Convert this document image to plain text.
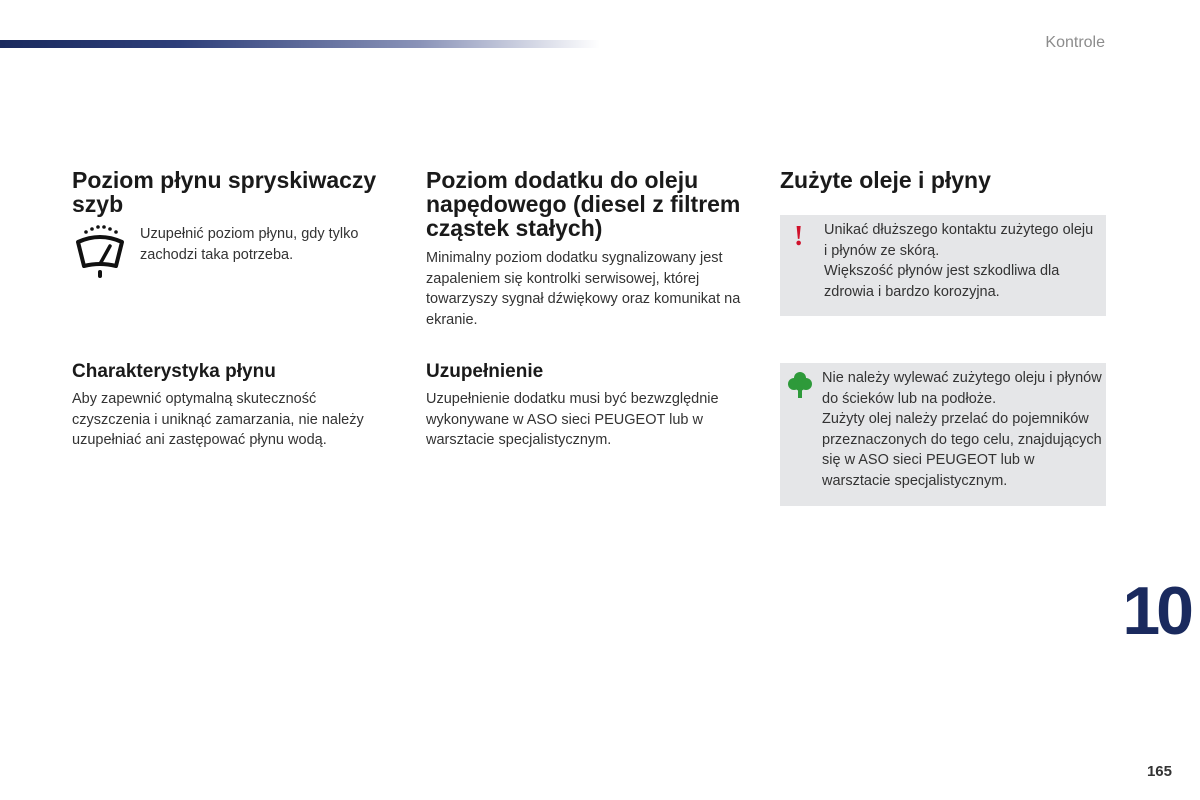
Kontrole
Poziom płynu spryskiwaczy szyb

Uzupełnić poziom płynu, gdy tylko zachodzi taka potrzeba.

Charakterystyka płynu

Aby zapewnić optymalną skuteczność czyszczenia i uniknąć zamarzania, nie należy uzupełniać ani zastępować płynu wodą.

Poziom dodatku do oleju napędowego (diesel z filtrem cząstek stałych)

Minimalny poziom dodatku sygnalizowany jest zapaleniem się kontrolki serwisowej, której towarzyszy sygnał dźwiękowy oraz komunikat na ekranie.

Uzupełnienie

Uzupełnienie dodatku musi być bezwzględnie wykonywane w ASO sieci PEUGEOT lub w warsztacie specjalistycznym.

Zużyte oleje i płyny
! Unikać dłuższego kontaktu zużytego oleju i płynów ze skórą.

Większość płynów jest szkodliwa dla zdrowia i bardzo korozyjna.

Nie należy wylewać zużytego oleju i płynów do ścieków lub na podłoże.

Zużyty olej należy przelać do pojemników przeznaczonych do tego celu, znajdujących się w ASO sieci PEUGEOT lub w warsztacie specjalistycznym.

10
165
